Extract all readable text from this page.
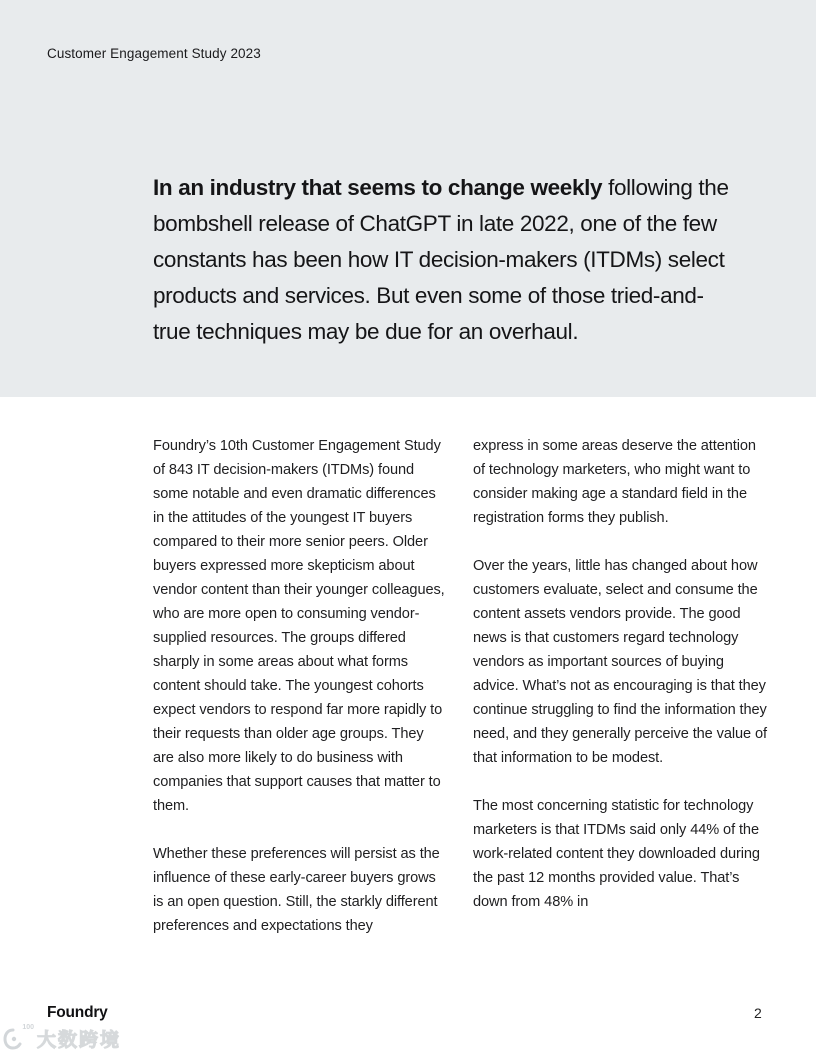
Customer Engagement Study 2023

In an industry that seems to change weekly following the bombshell release of ChatGPT in late 2022, one of the few constants has been how IT decision-makers (ITDMs) select products and services. But even some of those tried-and-true techniques may be due for an overhaul.

Foundry’s 10th Customer Engagement Study of 843 IT decision-makers (ITDMs) found some notable and even dramatic differences in the attitudes of the youngest IT buyers compared to their more senior peers. Older buyers expressed more skepticism about vendor content than their younger colleagues, who are more open to consuming vendor-supplied resources. The groups differed sharply in some areas about what forms content should take. The youngest cohorts expect vendors to respond far more rapidly to their requests than older age groups. They are also more likely to do business with companies that support causes that matter to them.

Whether these preferences will persist as the influence of these early-career buyers grows is an open question. Still, the starkly different preferences and expectations they

express in some areas deserve the attention of technology marketers, who might want to consider making age a standard field in the registration forms they publish.

Over the years, little has changed about how customers evaluate, select and consume the content assets vendors provide. The good news is that customers regard technology vendors as important sources of buying advice. What’s not as encouraging is that they continue struggling to find the information they need, and they generally perceive the value of that information to be modest.

The most concerning statistic for technology marketers is that ITDMs said only 44% of the work-related content they downloaded during the past 12 months provided value. That’s down from 48% in

Foundry	2
100
大数跨境
